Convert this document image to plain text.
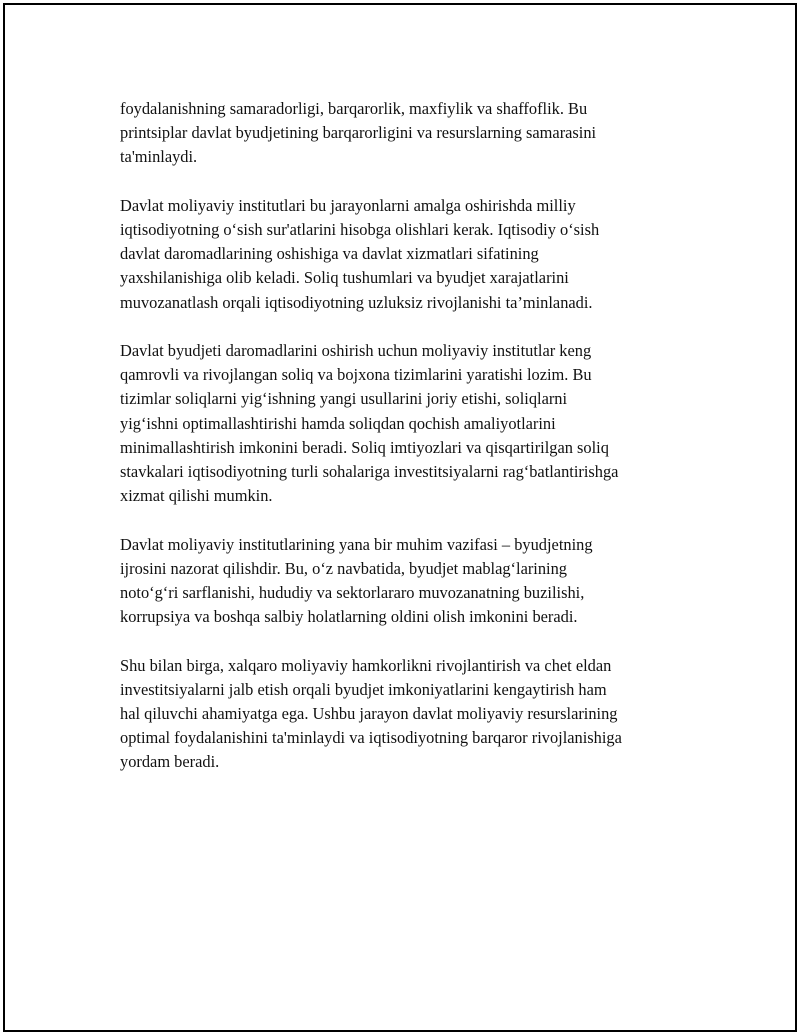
foydalanishning samaradorligi, barqarorlik, maxfiylik va shaffoflik. Bu
printsiplar davlat byudjetining barqarorligini va resurslarning samarasini
ta'minlaydi.

Davlat moliyaviy institutlari bu jarayonlarni amalga oshirishda milliy
iqtisodiyotning o‘sish sur'atlarini hisobga olishlari kerak. Iqtisodiy o‘sish
davlat daromadlarining oshishiga va davlat xizmatlari sifatining
yaxshilanishiga olib keladi. Soliq tushumlari va byudjet xarajatlarini
muvozanatlash orqali iqtisodiyotning uzluksiz rivojlanishi ta’minlanadi.

Davlat byudjeti daromadlarini oshirish uchun moliyaviy institutlar keng
qamrovli va rivojlangan soliq va bojxona tizimlarini yaratishi lozim. Bu
tizimlar soliqlarni yig‘ishning yangi usullarini joriy etishi, soliqlarni
yig‘ishni optimallashtirishi hamda soliqdan qochish amaliyotlarini
minimallashtirish imkonini beradi. Soliq imtiyozlari va qisqartirilgan soliq
stavkalari iqtisodiyotning turli sohalariga investitsiyalarni rag‘batlantirishga
xizmat qilishi mumkin.

Davlat moliyaviy institutlarining yana bir muhim vazifasi – byudjetning
ijrosini nazorat qilishdir. Bu, o‘z navbatida, byudjet mablag‘larining
noto‘g‘ri sarflanishi, hududiy va sektorlararo muvozanatning buzilishi,
korrupsiya va boshqa salbiy holatlarning oldini olish imkonini beradi.

Shu bilan birga, xalqaro moliyaviy hamkorlikni rivojlantirish va chet eldan
investitsiyalarni jalb etish orqali byudjet imkoniyatlarini kengaytirish ham
hal qiluvchi ahamiyatga ega. Ushbu jarayon davlat moliyaviy resurslarining
optimal foydalanishini ta'minlaydi va iqtisodiyotning barqaror rivojlanishiga
yordam beradi.
